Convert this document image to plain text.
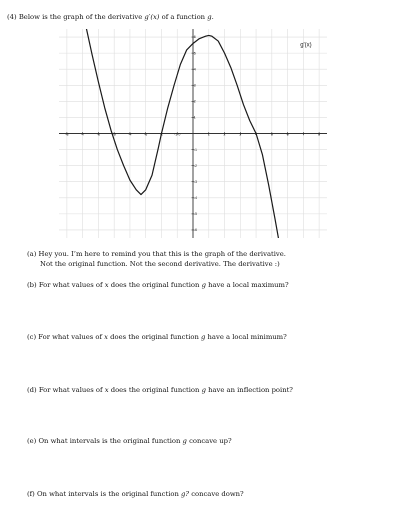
(4) Below is the graph of the derivative g′(x) of a function g.
-8	-7	-6	-5	-4	-3	-2	-1 0	1	2	3	4	5	6	7	8
-6
-5
-4
-3
-2
-1
1
2
3
4
5
6
g'(x)
(a) Hey you. I’m here to remind you that this is the graph of the derivative.
Not the original function. Not the second derivative. The derivative :)
(b) For what values of x does the original function g have a local maximum?
(c) For what values of x does the original function g have a local minimum?
(d) For what values of x does the original function g have an inflection point?
(e) On what intervals is the original function g concave up?
(f) On what intervals is the original function g? concave down?
